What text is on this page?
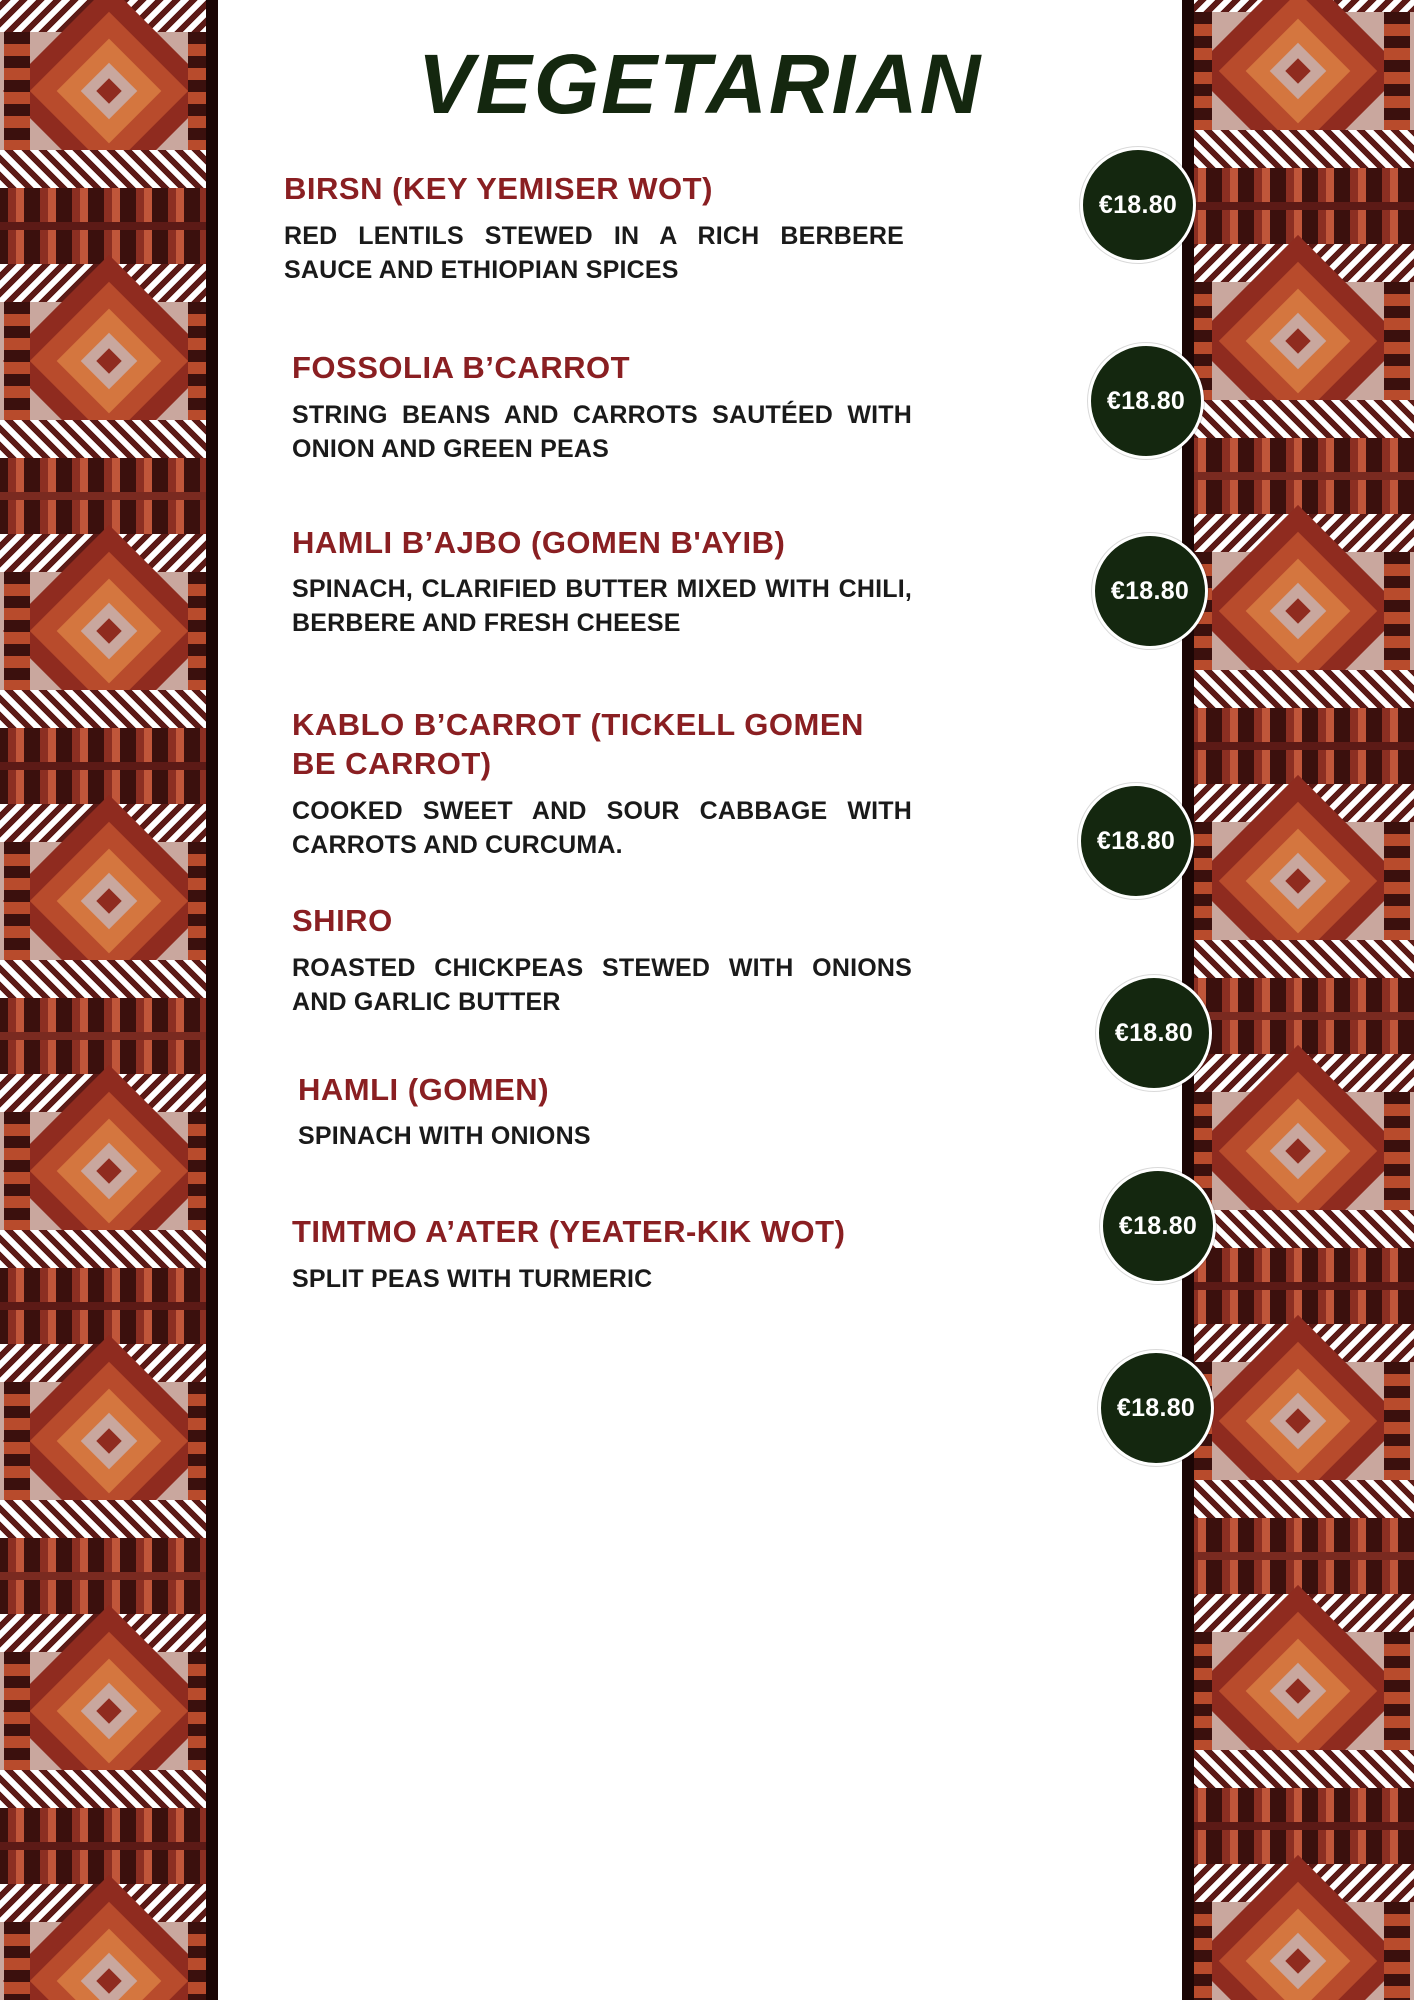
VEGETARIAN
BIRSN (KEY YEMISER WOT)

RED LENTILS STEWED IN A RICH BERBERE SAUCE AND ETHIOPIAN SPICES

FOSSOLIA B’CARROT

STRING BEANS AND CARROTS SAUTÉED WITH ONION AND GREEN PEAS

HAMLI B’AJBO (GOMEN B'AYIB)

SPINACH, CLARIFIED BUTTER MIXED WITH CHILI, BERBERE AND FRESH CHEESE

KABLO B’CARROT (TICKELL GOMEN BE CARROT)

COOKED SWEET AND SOUR CABBAGE WITH CARROTS AND CURCUMA.

SHIRO

ROASTED CHICKPEAS STEWED WITH ONIONS AND GARLIC BUTTER

HAMLI (GOMEN)

SPINACH WITH ONIONS

TIMTMO A’ATER (YEATER-KIK WOT)

SPLIT PEAS WITH TURMERIC

€18.80
€18.80
€18.80
€18.80
€18.80
€18.80
€18.80
